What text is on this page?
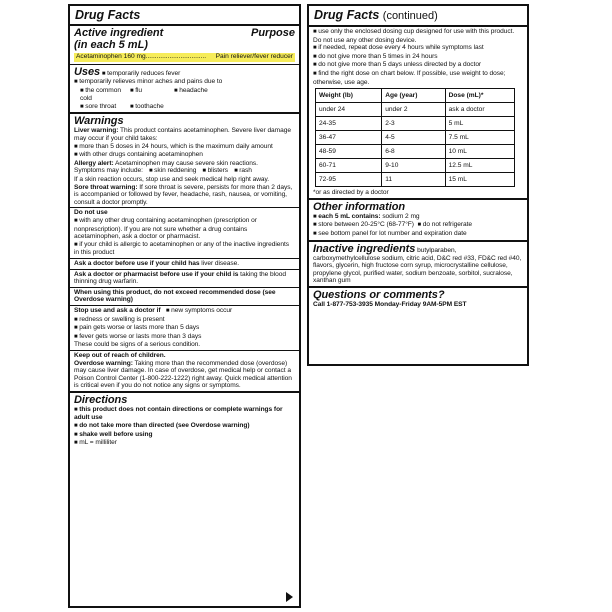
Drug Facts
Active ingredient
(in each 5 mL)
Purpose
Acetaminophen 160 mg................................. Pain reliever/fever reducer
Uses ■ temporarily reduces fever
■ temporarily relieves minor aches and pains due to
■ the common cold
■ flu	■ headache
■ sore throat	■ toothache
Warnings
Liver warning: This product contains acetaminophen. Severe liver damage may occur if your child takes:
■ more than 5 doses in 24 hours, which is the maximum daily amount
■ with other drugs containing acetaminophen
Allergy alert: Acetaminophen may cause severe skin reactions.
Symptoms may include:	■ skin reddening	■ blisters	■ rash
If a skin reaction occurs, stop use and seek medical help right away.
Sore throat warning: If sore throat is severe, persists for more than 2 days, is accompanied or followed by fever, headache, rash, nausea, or vomiting, consult a doctor promptly.
Do not use
■ with any other drug containing acetaminophen (prescription or nonprescription). If you are not sure whether a drug contains acetaminophen, ask a doctor or pharmacist.
■ if your child is allergic to acetaminophen or any of the inactive ingredients in this product
Ask a doctor before use if your child has liver disease.
Ask a doctor or pharmacist before use if your child is taking the blood thinning drug warfarin.
When using this product, do not exceed recommended dose (see Overdose warning)
Stop use and ask a doctor if ■ new symptoms occur
■ redness or swelling is present
■ pain gets worse or lasts more than 5 days
■ fever gets worse or lasts more than 3 days
These could be signs of a serious condition.
Keep out of reach of children.
Overdose warning: Taking more than the recommended dose (overdose) may cause liver damage. In case of overdose, get medical help or contact a Poison Control Center (1-800-222-1222) right away. Quick medical attention is critical even if you do not notice any signs or symptoms.
Directions
■ this product does not contain directions or complete warnings for adult use
■ do not take more than directed (see Overdose warning)
■ shake well before using
■ mL = milliliter
Drug Facts (continued)
■ use only the enclosed dosing cup designed for use with this product. Do not use any other dosing device.
■ if needed, repeat dose every 4 hours while symptoms last
■ do not give more than 5 times in 24 hours
■ do not give more than 5 days unless directed by a doctor
■ find the right dose on chart below. If possible, use weight to dose; otherwise, use age.
Weight (lb)	Age (year)	Dose (mL)*
under 24	under 2	ask a doctor
24-35	2-3	5 mL
36-47	4-5	7.5 mL
48-59	6-8	10 mL
60-71	9-10	12.5 mL
72-95	11	15 mL
*or as directed by a doctor
Other information
■ each 5 mL contains: sodium 2 mg
■ store between 20-25°C (68-77°F) ■ do not refrigerate
■ see bottom panel for lot number and expiration date
Inactive ingredients butylparaben, carboxymethylcellulose sodium, citric acid, D&C red #33, FD&C red #40, flavors, glycerin, high fructose corn syrup, microcrystalline cellulose, propylene glycol, purified water, sodium benzoate, sorbitol, sucralose, xanthan gum
Questions or comments?
Call 1-877-753-3935 Monday-Friday 9AM-5PM EST
